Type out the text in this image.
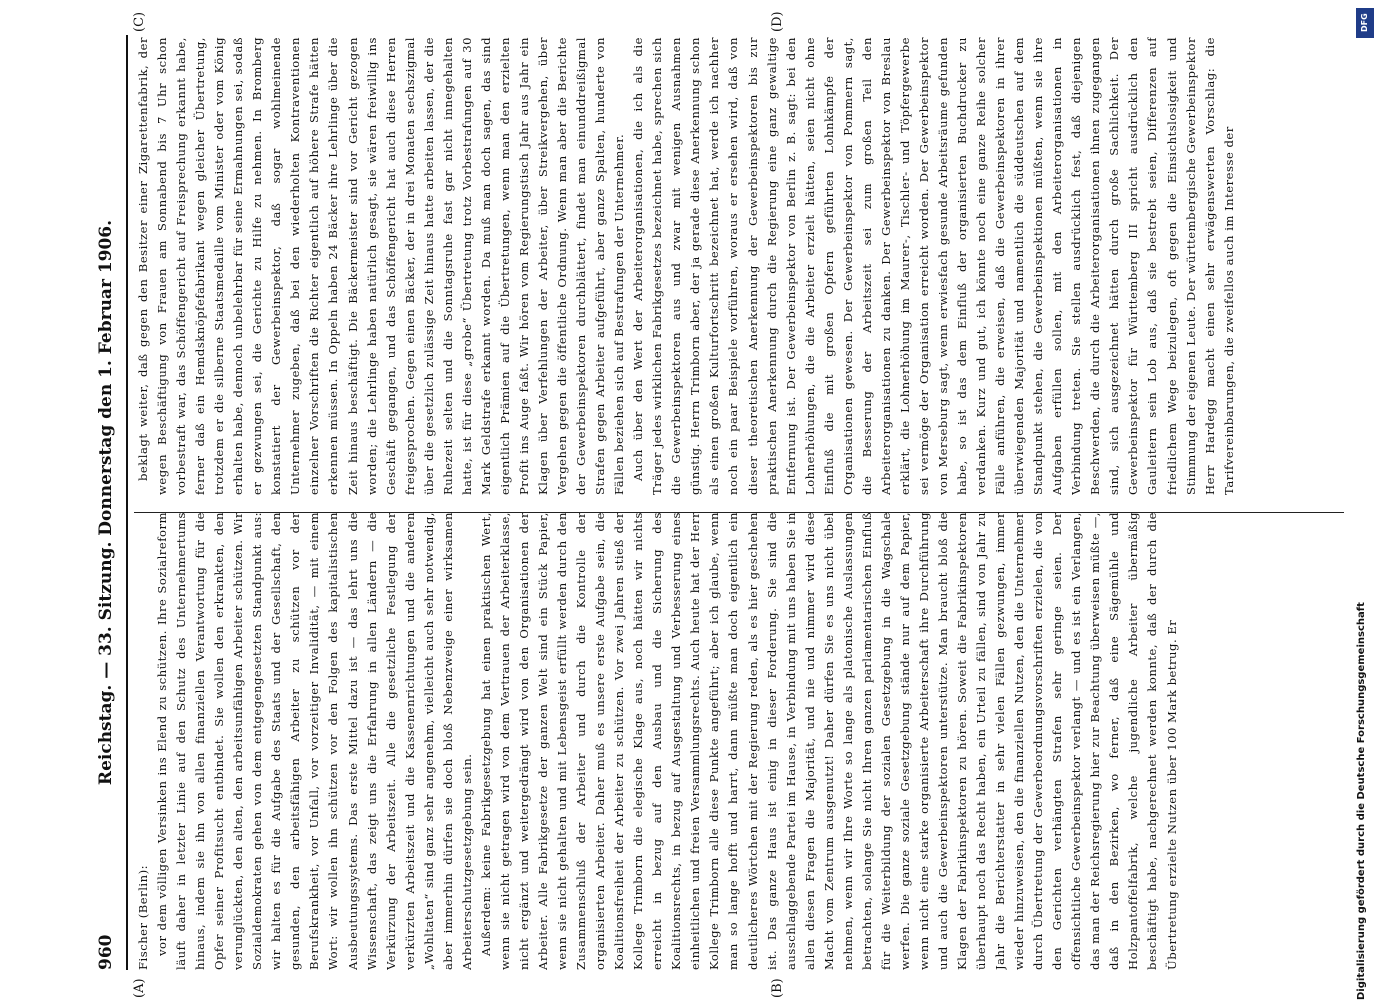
960
Reichstag. — 33. Sitzung. Donnerstag den 1. Februar 1906.

Fischer (Berlin): vor dem völligen Versinken ins Elend zu schützen. Ihre Sozialreform läuft daher in letzter Linie auf den Schutz des Unternehmertums hinaus, indem sie ihn von allen finanziellen Verantwortung für die Opfer seiner Profitsucht entbindet. Sie wollen den erkrankten, den verunglückten, den alten, den arbeitsunfähigen Arbeiter schützen. Wir Sozialdemokraten gehen von dem entgegengesetzten Standpunkt aus: wir halten es für die Aufgabe des Staats und der Gesellschaft, den gesunden, den arbeitsfähigen Arbeiter zu schützen vor der Berufskrankheit, vor Unfall, vor vorzeitiger Invalidität, — mit einem Wort: wir wollen ihn schützen vor den Folgen des kapitalistischen Ausbeutungssystems. Das erste Mittel dazu ist — das lehrt uns die Wissenschaft, das zeigt uns die Erfahrung in allen Ländern — die Verkürzung der Arbeitszeit. Alle die gesetzliche Festlegung der verkürzten Arbeitszeit und die Kassenenrichtungen und die anderen „Wohltaten“ sind ganz sehr angenehm, vielleicht auch sehr notwendig, aber immerhin dürfen sie doch bloß Nebenzweige einer wirksamen Arbeiterschutzgesetzgebung sein. Außerdem: keine Fabrikgesetzgebung hat einen praktischen Wert, wenn sie nicht getragen wird von dem Vertrauen der Arbeiterklasse, nicht ergänzt und weitergedrängt wird von den Organisationen der Arbeiter. Alle Fabrikgesetze der ganzen Welt sind ein Stück Papier, wenn sie nicht gehalten und mit Lebensgeist erfüllt werden durch den Zusammenschluß der Arbeiter und durch die Kontrolle der organisierten Arbeiter. Daher muß es unsere erste Aufgabe sein, die Koalitionsfreiheit der Arbeiter zu schützen. Vor zwei Jahren stieß der Kollege Trimborn die elegische Klage aus, noch hätten wir nichts erreicht in bezug auf den Ausbau und die Sicherung des Koalitionsrechts, in bezug auf Ausgestaltung und Verbesserung eines einheitlichen und freien Versammlungsrechts. Auch heute hat der Herr Kollege Trimborn alle diese Punkte angeführt; aber ich glaube, wenn man so lange hofft und harrt, dann müßte man doch eigentlich ein deutlicheres Wörtchen mit der Regierung reden, als es hier geschehen ist. Das ganze Haus ist einig in dieser Forderung. Sie sind die ausschlaggebende Partei im Hause, in Verbindung mit uns haben Sie in allen diesen Fragen die Majorität, und nie und nimmer wird diese Macht vom Zentrum ausgenutzt! Daher dürfen Sie es uns nicht übel nehmen, wenn wir Ihre Worte so lange als platonische Auslassungen betrachten, solange Sie nicht Ihren ganzen parlamentarischen Einfluß für die Weiterbildung der sozialen Gesetzgebung in die Wagschale werfen. Die ganze soziale Gesetzgebung stände nur auf dem Papier, wenn nicht eine starke organisierte Arbeiterschaft ihre Durchführung und auch die Gewerbeinspektoren unterstütze. Man braucht bloß die Klagen der Fabrikinspektoren zu hören. Soweit die Fabrikinspektoren überhaupt noch das Recht haben, ein Urteil zu fällen, sind von Jahr zu Jahr die Berichterstatter in sehr vielen Fällen gezwungen, immer wieder hinzuweisen, den die finanziellen Nutzen, den die Unternehmer durch Übertretung der Gewerbeordnungsvorschriften erzielen, die von den Gerichten verhängten Strafen sehr geringe seien. Der offensichtliche Gewerbeinspektor verlangt — und es ist ein Verlangen, das man der Reichsregierung hier zur Beachtung überweisen müßte —, daß in den Bezirken, wo ferner, daß eine Sägemühle und Holzpantoffelfabrik, welche jugendliche Arbeiter übermäßig beschäftigt habe, nachgerechnet werden konnte, daß der durch die Übertretung erzielte Nutzen über 100 Mark betrug. Er

beklagt weiter, daß gegen den Besitzer einer Zigarettenfabrik, der wegen Beschäftigung von Frauen am Sonnabend bis 7 Uhr schon vorbestraft war, das Schöffengericht auf Freisprechung erkannt habe, ferner daß ein Hemdsknöpfefabrikant wegen gleicher Übertretung, trotzdem er die silberne Staatsmedaille vom Minister oder vom König erhalten habe, dennoch unbelehrbar für seine Ermahnungen sei, sodaß er gezwungen sei, die Gerichte zu Hilfe zu nehmen. In Bromberg konstatiert der Gewerbeinspektor, daß sogar wohlmeinende Unternehmer zugeben, daß bei den wiederholten Kontraventionen einzelner Vorschriften die Richter eigentlich auf höhere Strafe hätten erkennen müssen. In Oppeln haben 24 Bäcker ihre Lehrlinge über die Zeit hinaus beschäftigt. Die Bäckermeister sind vor Gericht gezogen worden; die Lehrlinge haben natürlich gesagt, sie wären freiwillig ins Geschäft gegangen, und das Schöffengericht hat auch diese Herren freigesprochen. Gegen einen Bäcker, der in drei Monaten sechszigmal über die gesetzlich zulässige Zeit hinaus hatte arbeiten lassen, der die Ruhezeit selten und die Sonntagsruhe fast gar nicht innegehalten hatte, ist für diese „grobe“ Übertretung trotz Vorbestrafungen auf 30 Mark Geldstrafe erkannt worden. Da muß man doch sagen, das sind eigentlich Prämien auf die Übertretungen, wenn man den erzielten Profit ins Auge faßt. Wir hören vom Regierungstisch Jahr aus Jahr ein Klagen über Verfehlungen der Arbeiter, über Streikvergehen, über Vergehen gegen die öffentliche Ordnung. Wenn man aber die Berichte der Gewerbeinspektoren durchblättert, findet man einunddreißigmal Strafen gegen Arbeiter aufgeführt, aber ganze Spalten, hunderte von Fällen beziehen sich auf Bestrafungen der Unternehmer. Auch über den Wert der Arbeiterorganisationen, die ich als die Träger jedes wirklichen Fabrikgesetzes bezeichnet habe, sprechen sich die Gewerbeinspektoren aus und zwar mit wenigen Ausnahmen günstig. Herrn Trimborn aber, der ja gerade diese Anerkennung schon als einen großen Kulturfortschritt bezeichnet hat, werde ich nachher noch ein paar Beispiele vorführen, woraus er ersehen wird, daß von dieser theoretischen Anerkennung der Gewerbeinspektoren bis zur praktischen Anerkennung durch die Regierung eine ganz gewaltige Entfernung ist. Der Gewerbeinspektor von Berlin z. B. sagt: bei den Lohnerhöhungen, die die Arbeiter erzielt hätten, seien nicht ohne Einfluß die mit großen Opfern geführten Lohnkämpfe der Organisationen gewesen. Der Gewerbeinspektor von Pommern sagt, die Besserung der Arbeitszeit sei zum großen Teil den Arbeiterorganisationen zu danken. Der Gewerbeinspektor von Breslau erklärt, die Lohnerhöhung im Maurer-, Tischler- und Töpfergewerbe sei vermöge der Organisation erreicht worden. Der Gewerbeinspektor von Merseburg sagt, wenn erwiesfach gesunde Arbeitsräume gefunden habe, so ist das dem Einfluß der organisierten Buchdrucker zu verdanken. Kurz und gut, ich könnte noch eine ganze Reihe solcher Fälle anführen, die erweisen, daß die Gewerbeinspektoren in ihrer überwiegenden Majorität und namentlich die süddeutschen auf dem Standpunkt stehen, die Gewerbeinspektionen müßten, wenn sie ihre Aufgaben erfüllen sollen, mit den Arbeiterorganisationen in Verbindung treten. Sie stellen ausdrücklich fest, daß diejenigen Beschwerden, die durch die Arbeiterorganisationen ihnen zugegangen sind, sich ausgezeichnet hätten durch große Sachlichkeit. Der Gewerbeinspektor für Württemberg III spricht ausdrücklich den Gauleitern sein Lob aus, daß sie bestrebt seien, Differenzen auf friedlichem Wege beizulegen, oft gegen die Einsichtslosigkeit und Stimmung der eigenen Leute. Der württembergische Gewerbeinspektor Herr Hardegg macht einen sehr erwägenswerten Vorschlag: die Tarifvereinbarungen, die zweifellos auch im Interesse der

(A)	(B)
(C)	(D)
Digitalisierung gefördert durch die Deutsche Forschungsgemeinschaft
DFG
